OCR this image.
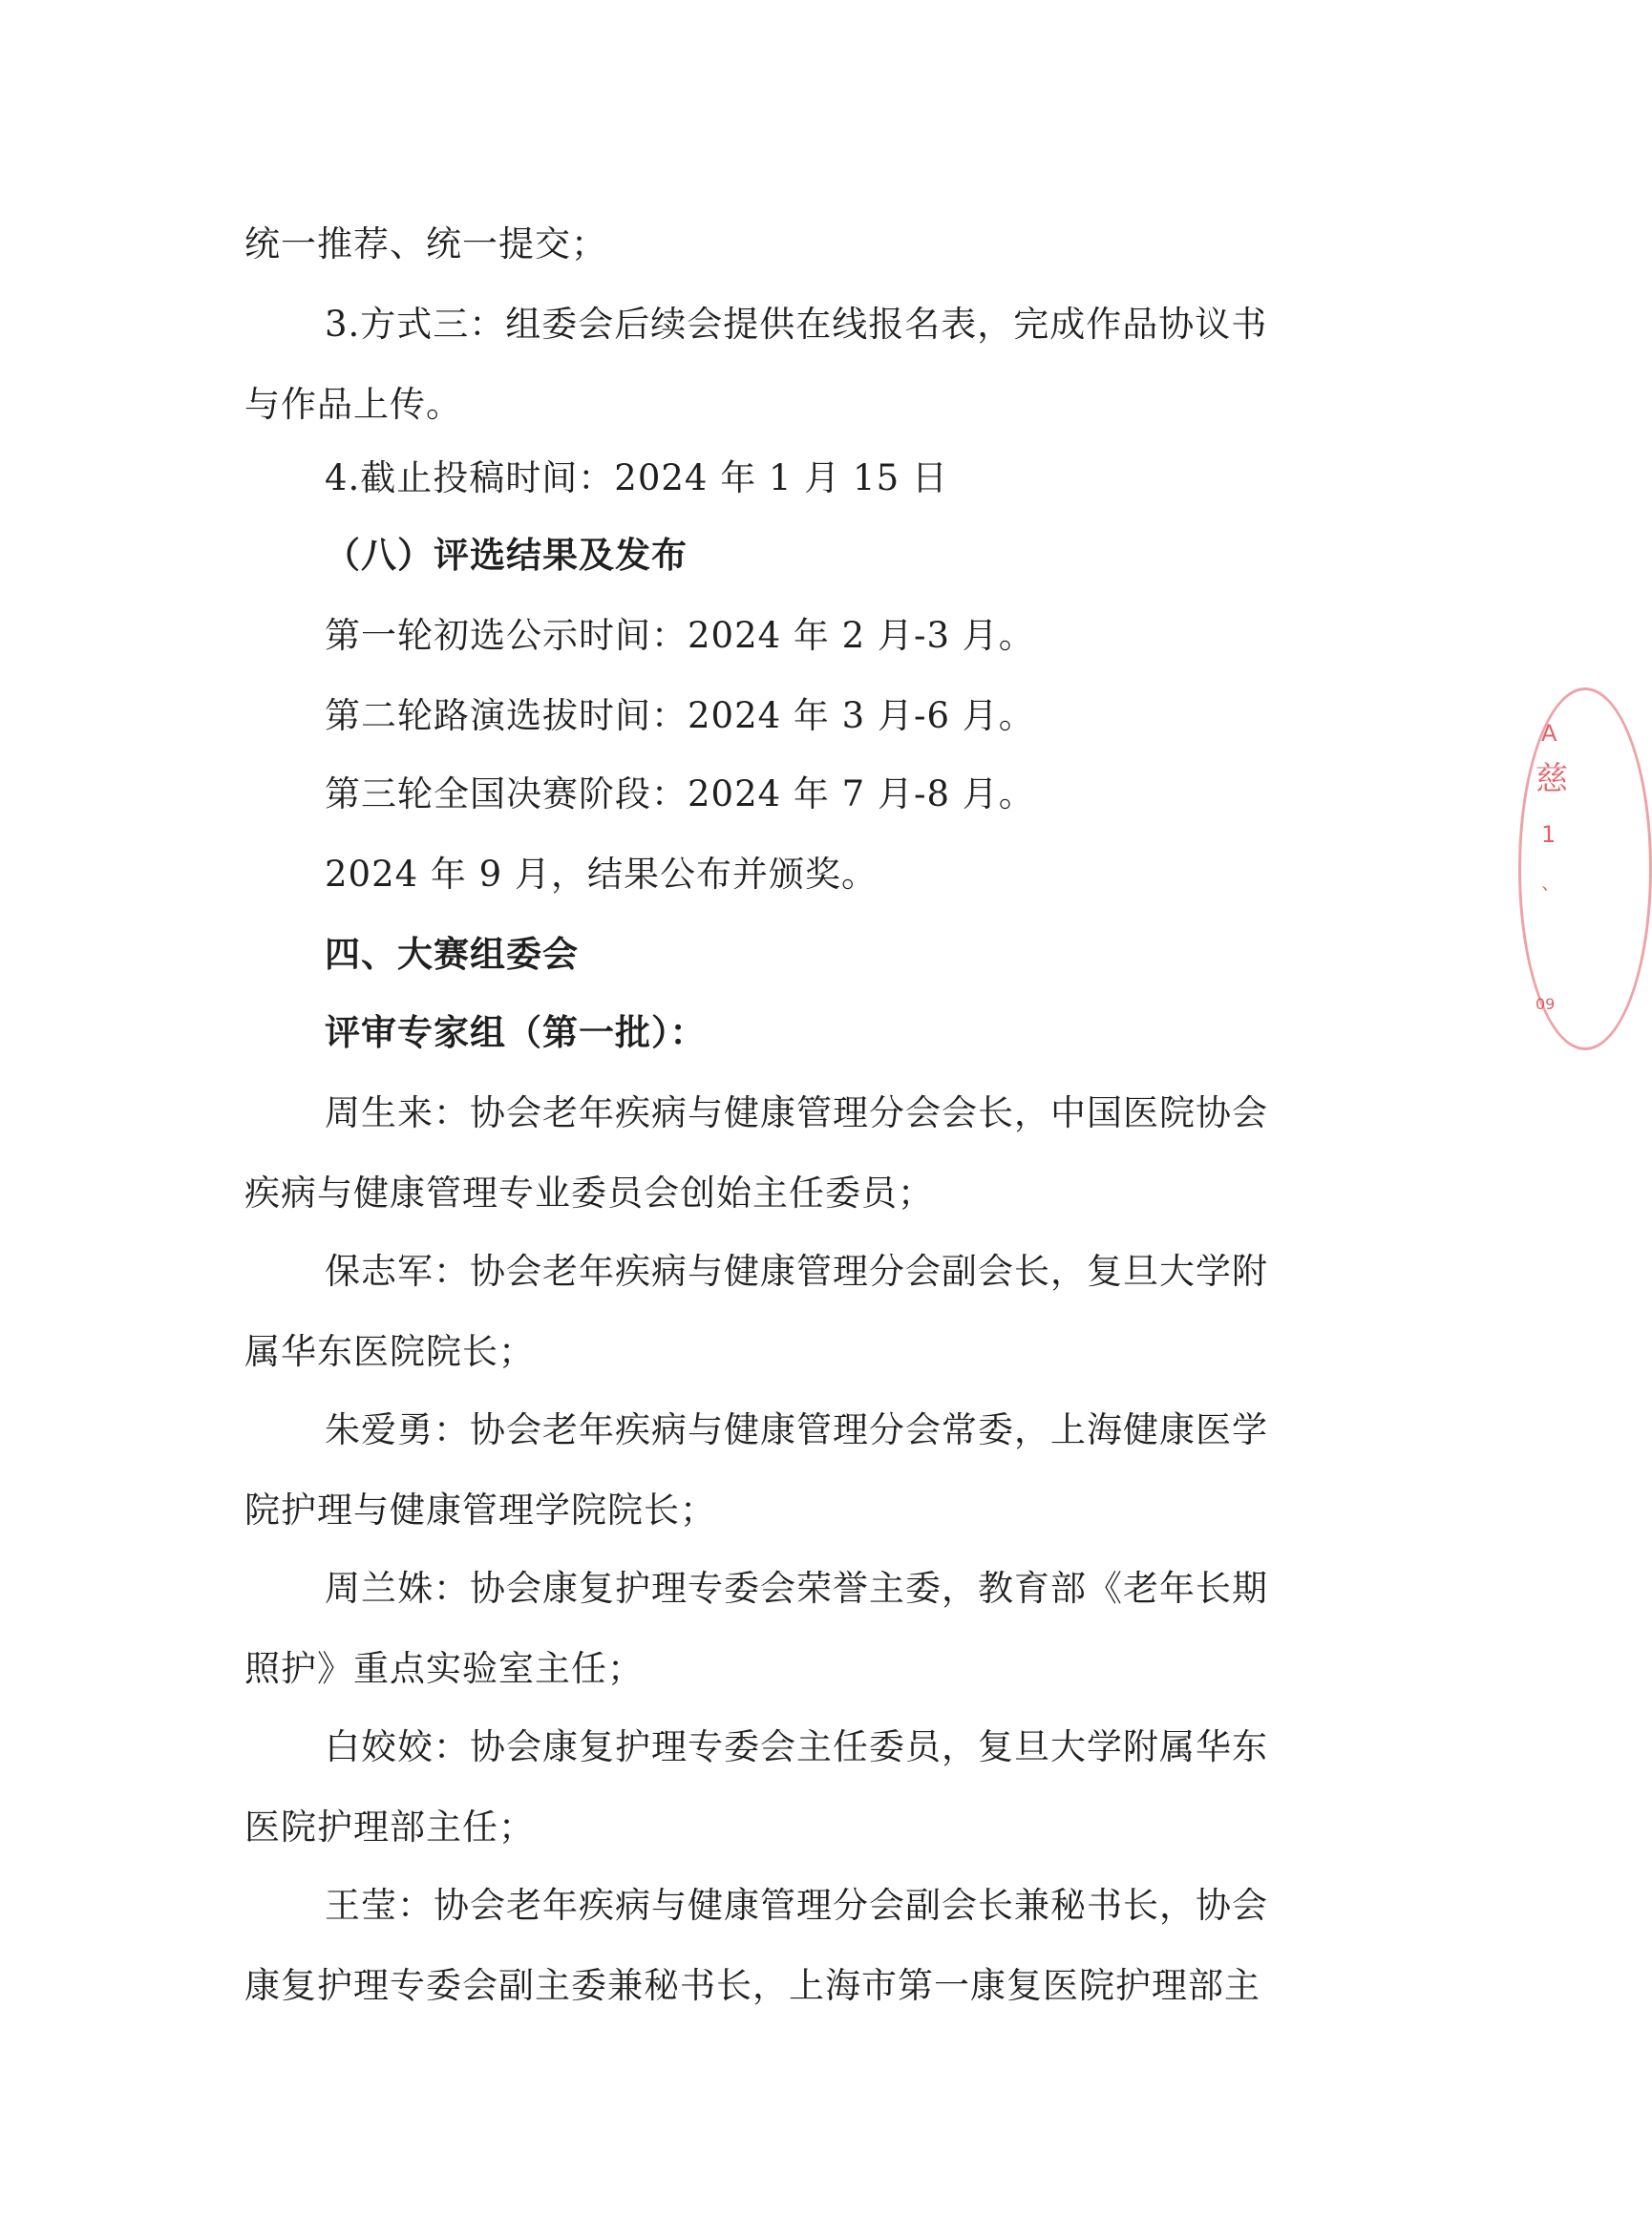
统一推荐、统一提交；
3.方式三：组委会后续会提供在线报名表，完成作品协议书
与作品上传。
4.截止投稿时间：2024 年 1 月 15 日
（八）评选结果及发布
第一轮初选公示时间：2024 年 2 月-3 月。
第二轮路演选拔时间：2024 年 3 月-6 月。
第三轮全国决赛阶段：2024 年 7 月-8 月。
2024 年 9 月，结果公布并颁奖。
四、大赛组委会
评审专家组（第一批）：
周生来：协会老年疾病与健康管理分会会长，中国医院协会
疾病与健康管理专业委员会创始主任委员；
保志军：协会老年疾病与健康管理分会副会长，复旦大学附
属华东医院院长；
朱爱勇：协会老年疾病与健康管理分会常委，上海健康医学
院护理与健康管理学院院长；
周兰姝：协会康复护理专委会荣誉主委，教育部《老年长期
照护》重点实验室主任；
白姣姣：协会康复护理专委会主任委员，复旦大学附属华东
医院护理部主任；
王莹：协会老年疾病与健康管理分会副会长兼秘书长，协会
康复护理专委会副主委兼秘书长，上海市第一康复医院护理部主
A
慈
1
、
09
